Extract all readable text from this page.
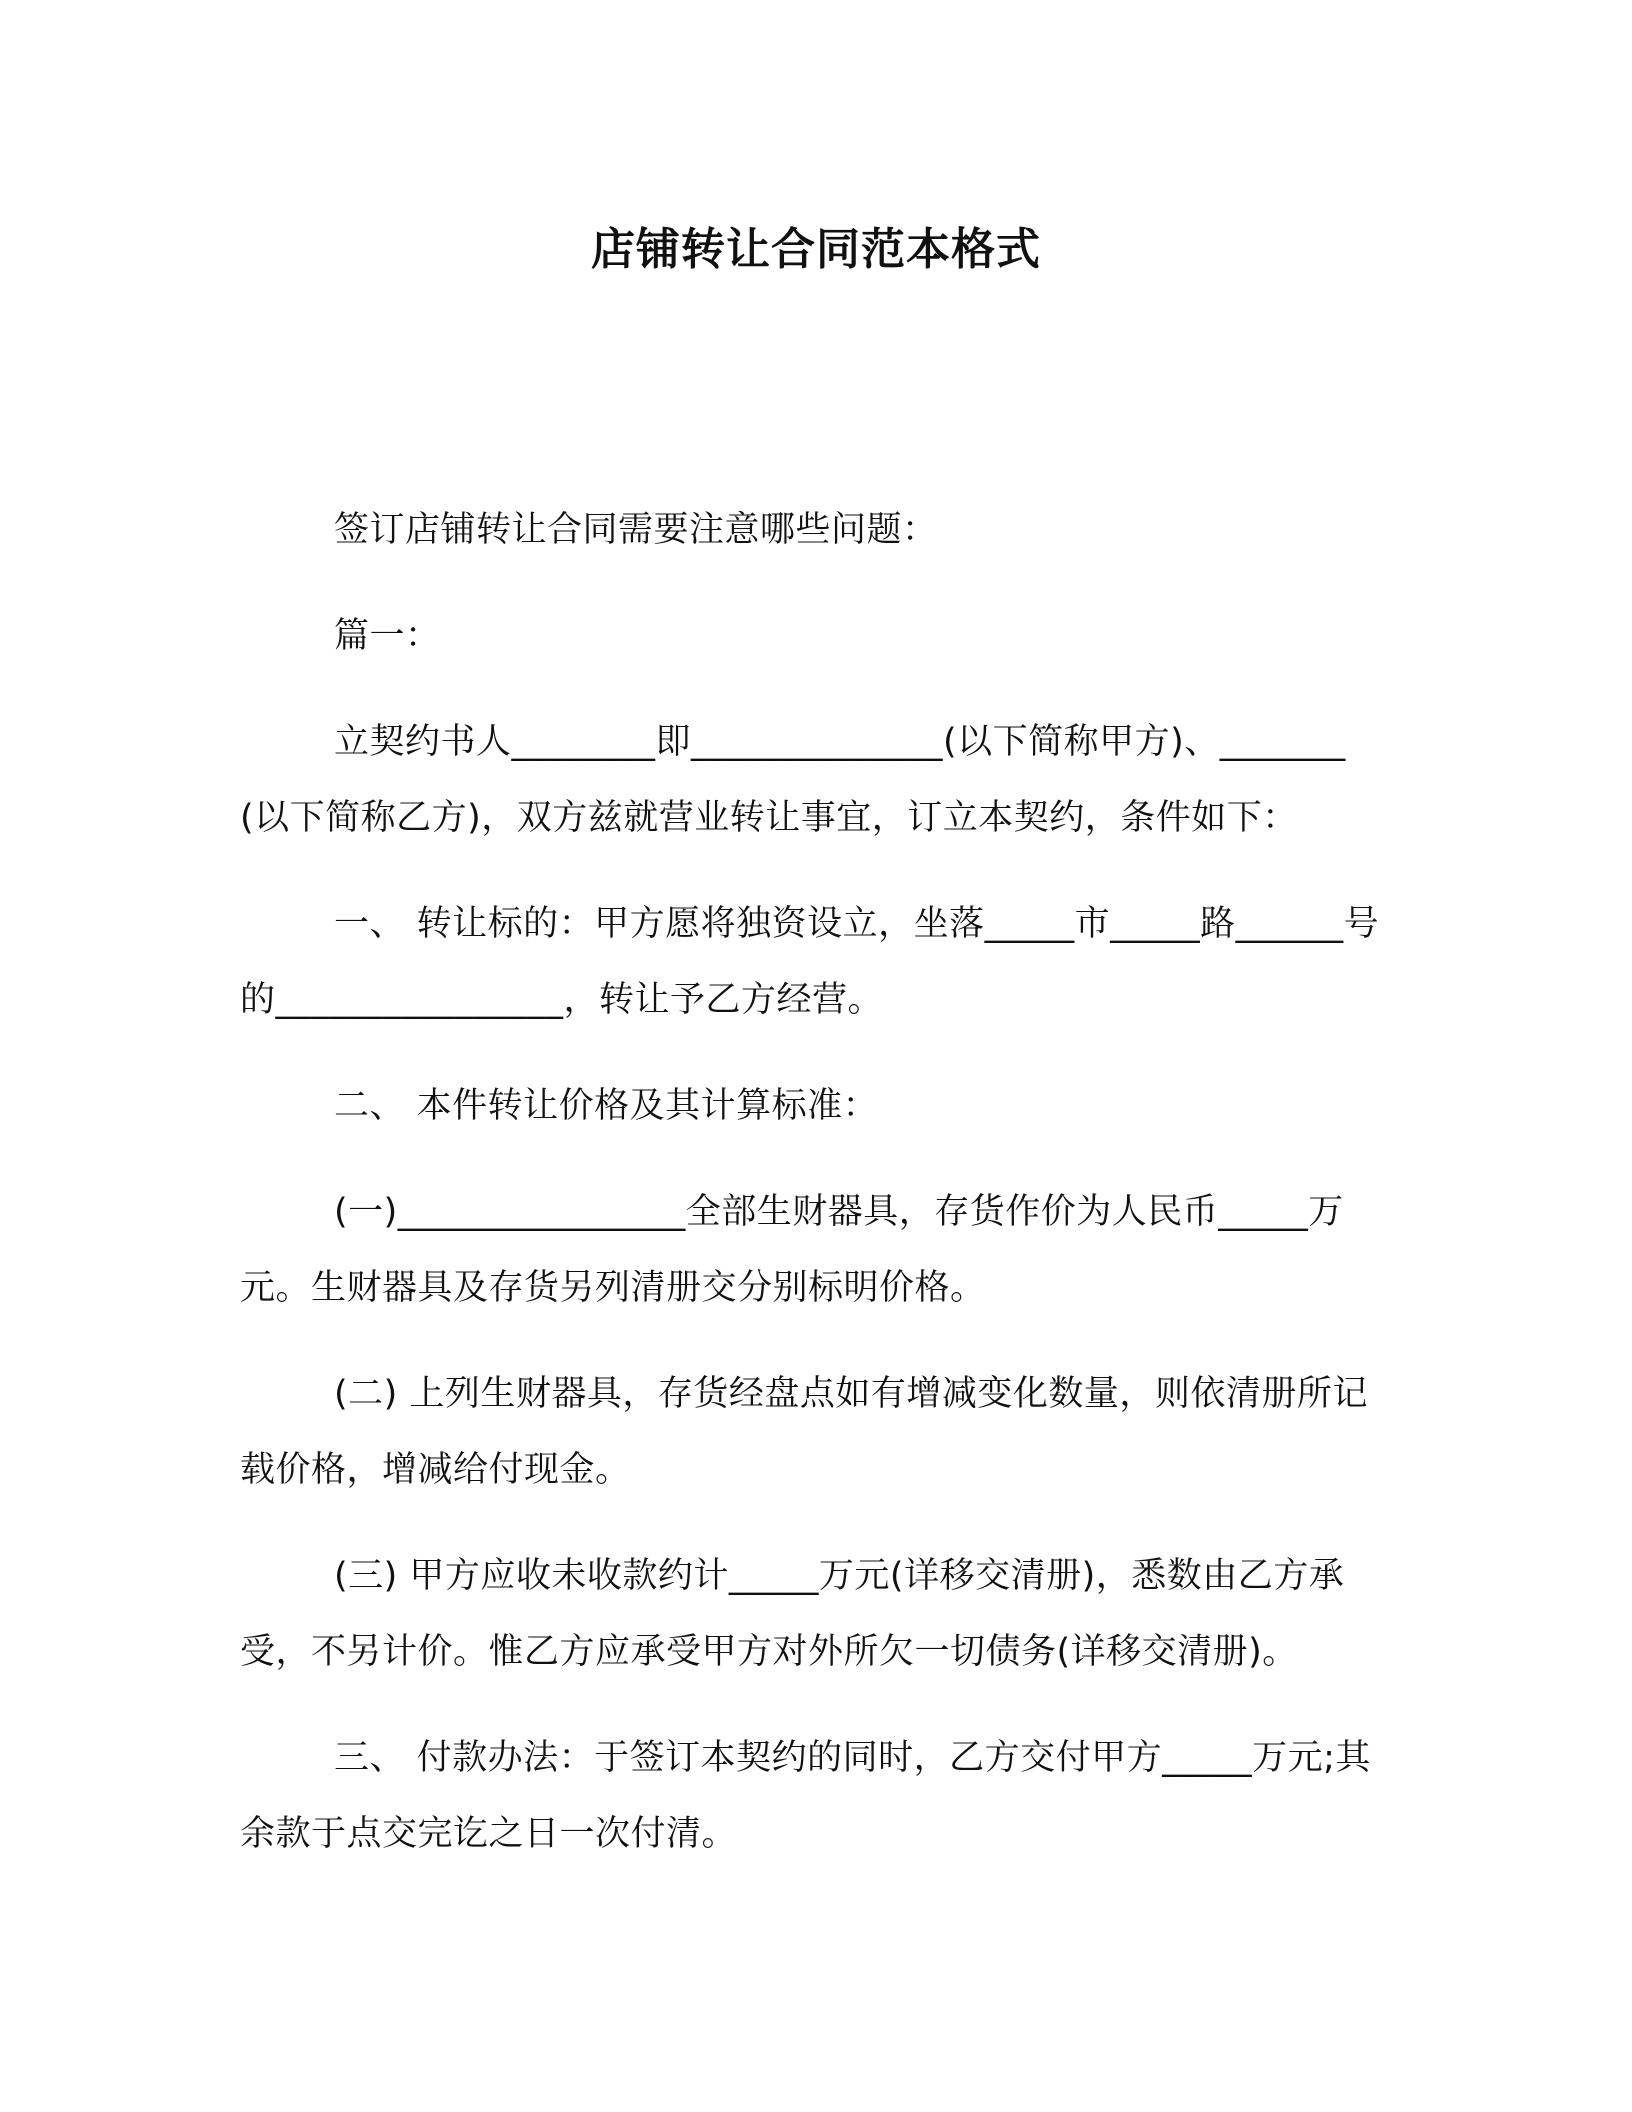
店铺转让合同范本格式

签订店铺转让合同需要注意哪些问题：

篇一：

立契约书人________即______________(以下简称甲方)、_______(以下简称乙方)，双方兹就营业转让事宜，订立本契约，条件如下：

一、 转让标的：甲方愿将独资设立，坐落_____市_____路______号的________________，转让予乙方经营。

二、 本件转让价格及其计算标准：

(一)________________全部生财器具，存货作价为人民币_____万元。生财器具及存货另列清册交分别标明价格。

(二) 上列生财器具，存货经盘点如有增减变化数量，则依清册所记载价格，增减给付现金。

(三) 甲方应收未收款约计_____万元(详移交清册)，悉数由乙方承受，不另计价。惟乙方应承受甲方对外所欠一切债务(详移交清册)。

三、 付款办法：于签订本契约的同时，乙方交付甲方_____万元;其余款于点交完讫之日一次付清。
